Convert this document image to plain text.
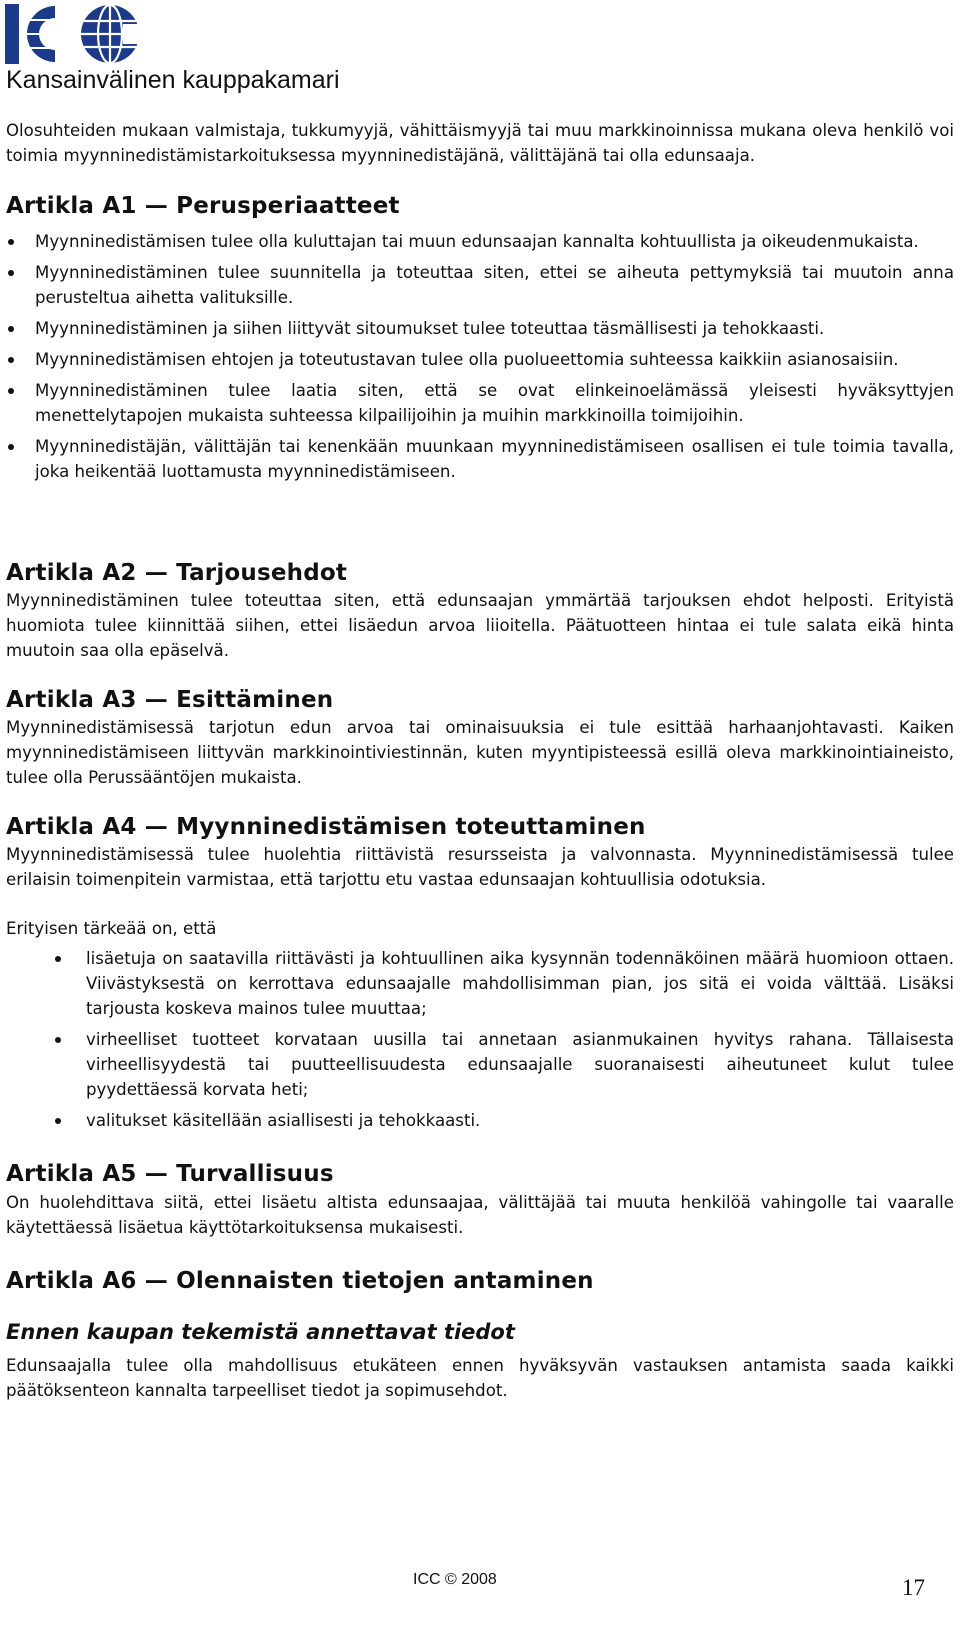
Kansainvälinen kauppakamari

Olosuhteiden mukaan valmistaja, tukkumyyjä, vähittäismyyjä tai muu markkinoinnissa mukana oleva henkilö voi toimia myynninedistämistarkoituksessa myynninedistäjänä, välittäjänä tai olla edunsaaja.

Artikla A1 — Perusperiaatteet
Myynninedistämisen tulee olla kuluttajan tai muun edunsaajan kannalta kohtuullista ja oikeudenmukaista.
Myynninedistäminen tulee suunnitella ja toteuttaa siten, ettei se aiheuta pettymyksiä tai muutoin anna perusteltua aihetta valituksille.
Myynninedistäminen ja siihen liittyvät sitoumukset tulee toteuttaa täsmällisesti ja tehokkaasti.
Myynninedistämisen ehtojen ja toteutustavan tulee olla puolueettomia suhteessa kaikkiin asianosaisiin.
Myynninedistäminen tulee laatia siten, että se ovat elinkeinoelämässä yleisesti hyväksyttyjen menettelytapojen mukaista suhteessa kilpailijoihin ja muihin markkinoilla toimijoihin.
Myynninedistäjän, välittäjän tai kenenkään muunkaan myynninedistämiseen osallisen ei tule toimia tavalla, joka heikentää luottamusta myynninedistämiseen.
Artikla A2 — Tarjousehdot

Myynninedistäminen tulee toteuttaa siten, että edunsaajan ymmärtää tarjouksen ehdot helposti. Erityistä huomiota tulee kiinnittää siihen, ettei lisäedun arvoa liioitella. Päätuotteen hintaa ei tule salata eikä hinta muutoin saa olla epäselvä.

Artikla A3 — Esittäminen

Myynninedistämisessä tarjotun edun arvoa tai ominaisuuksia ei tule esittää harhaanjohtavasti. Kaiken myynninedistämiseen liittyvän markkinointiviestinnän, kuten myyntipisteessä esillä oleva markkinointiaineisto, tulee olla Perussääntöjen mukaista.

Artikla A4 — Myynninedistämisen toteuttaminen

Myynninedistämisessä tulee huolehtia riittävistä resursseista ja valvonnasta. Myynninedistämisessä tulee erilaisin toimenpitein varmistaa, että tarjottu etu vastaa edunsaajan kohtuullisia odotuksia.

Erityisen tärkeää on, että

lisäetuja on saatavilla riittävästi ja kohtuullinen aika kysynnän todennäköinen määrä huomioon ottaen. Viivästyksestä on kerrottava edunsaajalle mahdollisimman pian, jos sitä ei voida välttää. Lisäksi tarjousta koskeva mainos tulee muuttaa;
virheelliset tuotteet korvataan uusilla tai annetaan asianmukainen hyvitys rahana. Tällaisesta virheellisyydestä tai puutteellisuudesta edunsaajalle suoranaisesti aiheutuneet kulut tulee pyydettäessä korvata heti;
valitukset käsitellään asiallisesti ja tehokkaasti.
Artikla A5 — Turvallisuus

On huolehdittava siitä, ettei lisäetu altista edunsaajaa, välittäjää tai muuta henkilöä vahingolle tai vaaralle käytettäessä lisäetua käyttötarkoituksensa mukaisesti.

Artikla A6 — Olennaisten tietojen antaminen
Ennen kaupan tekemistä annettavat tiedot

Edunsaajalla tulee olla mahdollisuus etukäteen ennen hyväksyvän vastauksen antamista saada kaikki päätöksenteon kannalta tarpeelliset tiedot ja sopimusehdot.

ICC © 2008	17
